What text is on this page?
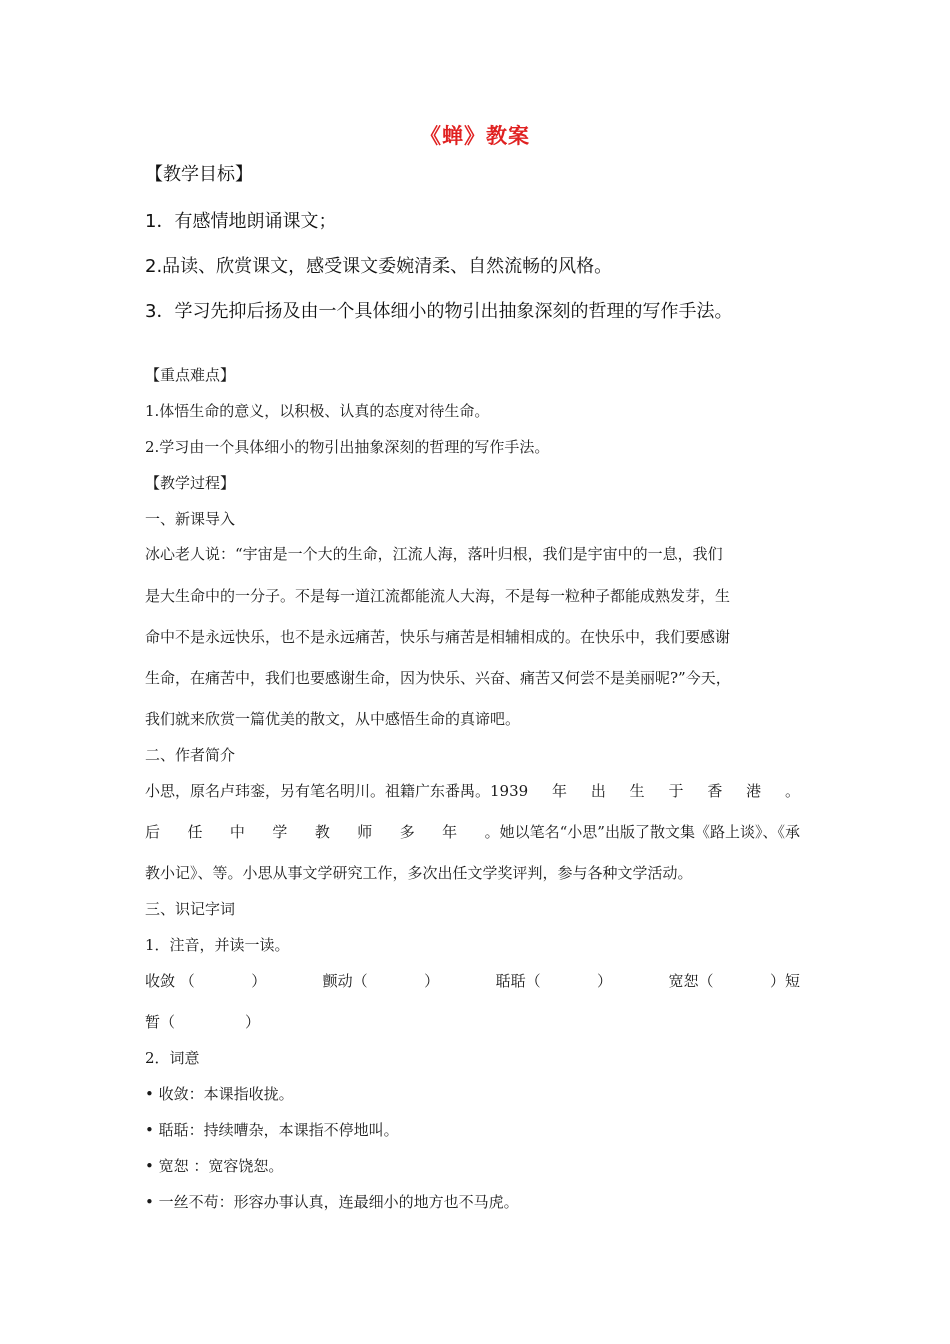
《蝉》教案
【教学目标】
1．有感情地朗诵课文；
2.品读、欣赏课文，感受课文委婉清柔、自然流畅的风格。
3．学习先抑后扬及由一个具体细小的物引出抽象深刻的哲理的写作手法。
【重点难点】
1.体悟生命的意义，以积极、认真的态度对待生命。
2.学习由一个具体细小的物引出抽象深刻的哲理的写作手法。
【教学过程】
一、新课导入
冰心老人说：“宇宙是一个大的生命，江流人海，落叶归根，我们是宇宙中的一息，我们
是大生命中的一分子。不是每一道江流都能流人大海，不是每一粒种子都能成熟发芽，生
命中不是永远快乐，也不是永远痛苦，快乐与痛苦是相辅相成的。在快乐中，我们要感谢
生命，在痛苦中，我们也要感谢生命，因为快乐、兴奋、痛苦又何尝不是美丽呢?”今天，
我们就来欣赏一篇优美的散文，从中感悟生命的真谛吧。
二、作者简介
小思，原名卢玮銮，另有笔名明川。祖籍广东番禺。1939 年 出 生 于 香 港 。
后 任 中 学 教 师 多 年 。她以笔名“小思”出版了散文集《路上谈》、《承
教小记》、等。小思从事文学研究工作，多次出任文学奖评判，参与各种文学活动。
三、识记字词
1．注音，并读一读。
收敛 （	）	颤动（	）	聒聒（	）	宽恕（	）短
暂（	）
2．词意
• 收敛：本课指收拢。
• 聒聒：持续嘈杂，本课指不停地叫。
• 宽恕 ：宽容饶恕。
• 一丝不苟：形容办事认真，连最细小的地方也不马虎。
